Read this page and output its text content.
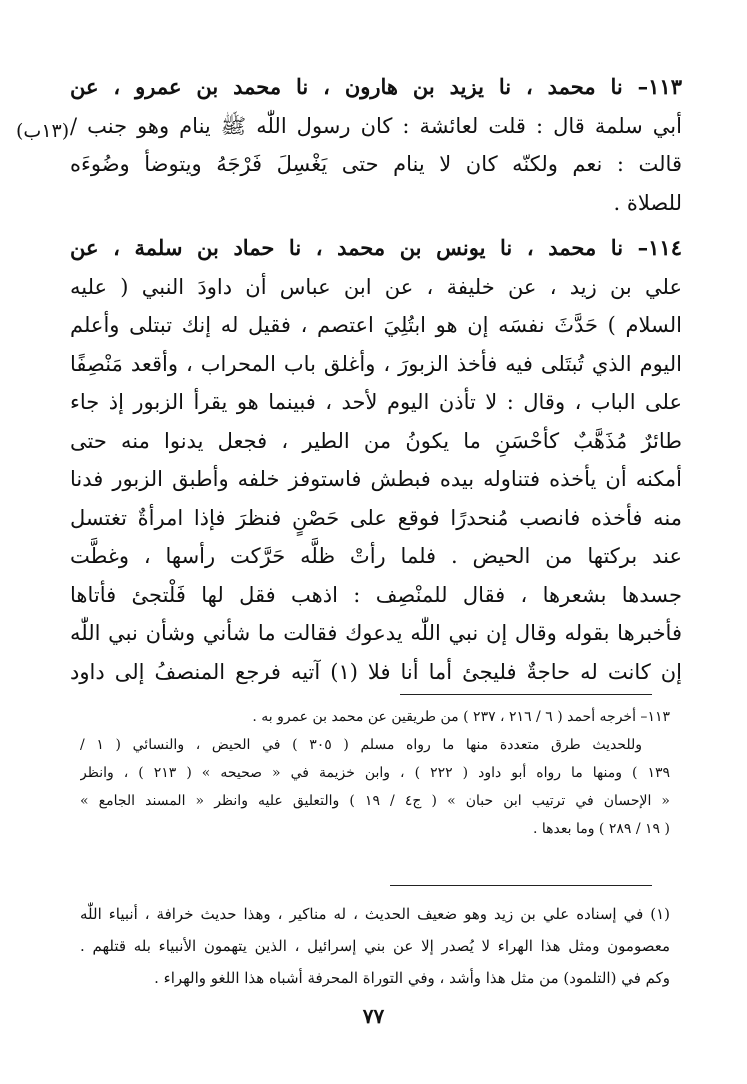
١١٣– نا محمد ، نا يزيد بن هارون ، نا محمد بن عمرو ، عن
أبي سلمة قال : قلت لعائشة : كان رسول اللّٰه ﷺ ينام وهو جنب /
قالت : نعم ولكنّه كان لا ينام حتى يَغْسِلَ فَرْجَهُ ويتوضأ وضُوءَه
للصلاة .

١١٤– نا محمد ، نا يونس بن محمد ، نا حماد بن سلمة ، عن
علي بن زيد ، عن خليفة ، عن ابن عباس أن داودَ النبي ( عليه
السلام ) حَدَّثَ نفسَه إن هو ابتُلِيَ اعتصم ، فقيل له إنك تبتلى وأعلم
اليوم الذي تُبتَلى فيه فأخذ الزبورَ ، وأغلق باب المحراب ، وأقعد مَنْصِفًا
على الباب ، وقال : لا تأذن اليوم لأحد ، فبينما هو يقرأ الزبور إذ جاء
طائرٌ مُذَهَّبٌ كأحْسَنِ ما يكونُ من الطير ، فجعل يدنوا منه حتى
أمكنه أن يأخذه فتناوله بيده فبطش فاستوفز خلفه وأطبق الزبور فدنا
منه فأخذه فانصب مُنحدرًا فوقع على حَصْنٍ فنظرَ فإذا امرأةٌ تغتسل
عند بركتها من الحيض . فلما رأتْ ظلَّه حَرَّكت رأسها ، وغطَّت
جسدها بشعرها ، فقال للمنْصِف : اذهب فقل لها فَلْتجئ فأتاها
فأخبرها بقوله وقال إن نبي اللّٰه يدعوك فقالت ما شأني وشأن نبي اللّٰه
إن كانت له حاجةٌ فليجئ أما أنا فلا (١) آتيه فرجع المنصفُ إلى داود

(١٣ب)
١١٣– أخرجه أحمد ( ٦ / ٢١٦ ، ٢٣٧ ) من طريقين عن محمد بن عمرو به .
وللحديث طرق متعددة منها ما رواه مسلم ( ٣٠٥ ) في الحيض ، والنسائي ( ١ /
١٣٩ ) ومنها ما رواه أبو داود ( ٢٢٢ ) ، وابن خزيمة في « صحيحه » ( ٢١٣ ) ، وانظر
« الإحسان في ترتيب ابن حبان » ( ج٤ / ١٩ ) والتعليق عليه وانظر « المسند الجامع »
( ١٩ / ٢٨٩ ) وما بعدها .
(١) في إسناده علي بن زيد وهو ضعيف الحديث ، له مناكير ، وهذا حديث خرافة ، أنبياء اللّٰه
معصومون ومثل هذا الهراء لا يُصدر إلا عن بني إسرائيل ، الذين يتهمون الأنبياء بله قتلهم .
وكم في (التلمود) من مثل هذا وأشد ، وفي التوراة المحرفة أشباه هذا اللغو والهراء .
٧٧
